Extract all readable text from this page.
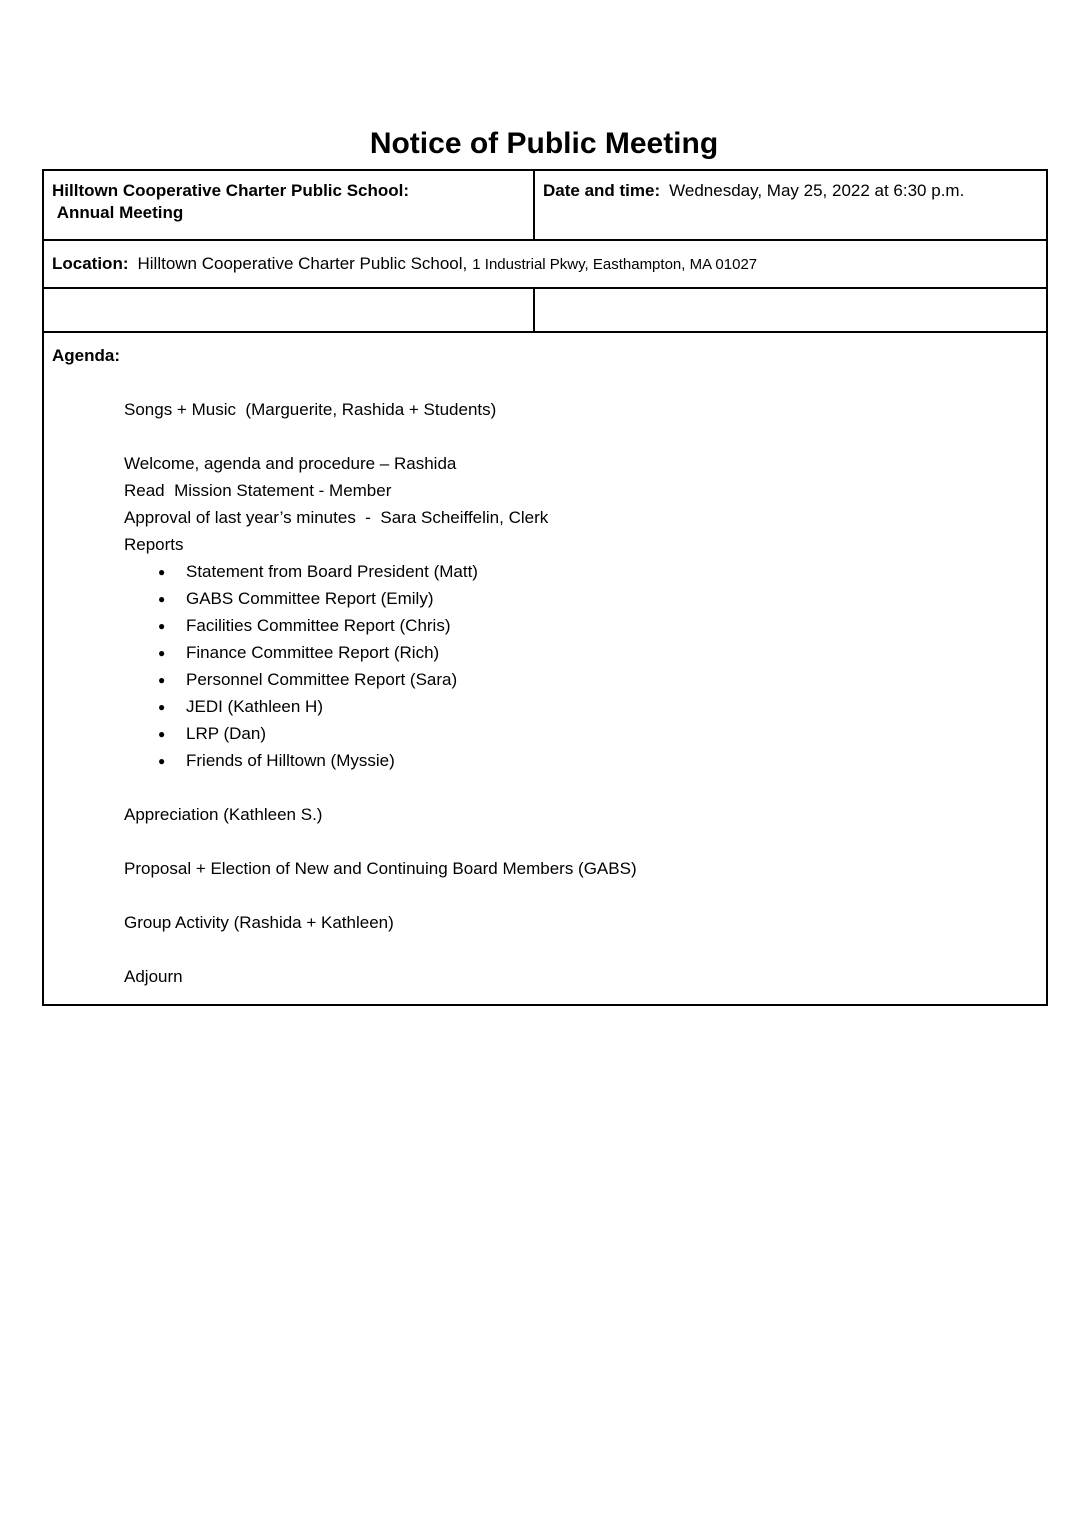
Notice of Public Meeting
Hilltown Cooperative Charter Public School:
Annual Meeting	Date and time: Wednesday, May 25, 2022 at 6:30 p.m.
Location: Hilltown Cooperative Charter Public School, 1 Industrial Pkwy, Easthampton, MA 01027	

Agenda:
Songs + Music  (Marguerite, Rashida + Students)
Welcome, agenda and procedure – Rashida
Read  Mission Statement - Member
Approval of last year’s minutes  -  Sara Scheiffelin, Clerk
Reports
● Statement from Board President (Matt)
● GABS Committee Report (Emily)
● Facilities Committee Report (Chris)
● Finance Committee Report (Rich)
● Personnel Committee Report (Sara)
● JEDI (Kathleen H)
● LRP (Dan)
● Friends of Hilltown (Myssie)
Appreciation (Kathleen S.)
Proposal + Election of New and Continuing Board Members (GABS)
Group Activity (Rashida + Kathleen)
Adjourn
